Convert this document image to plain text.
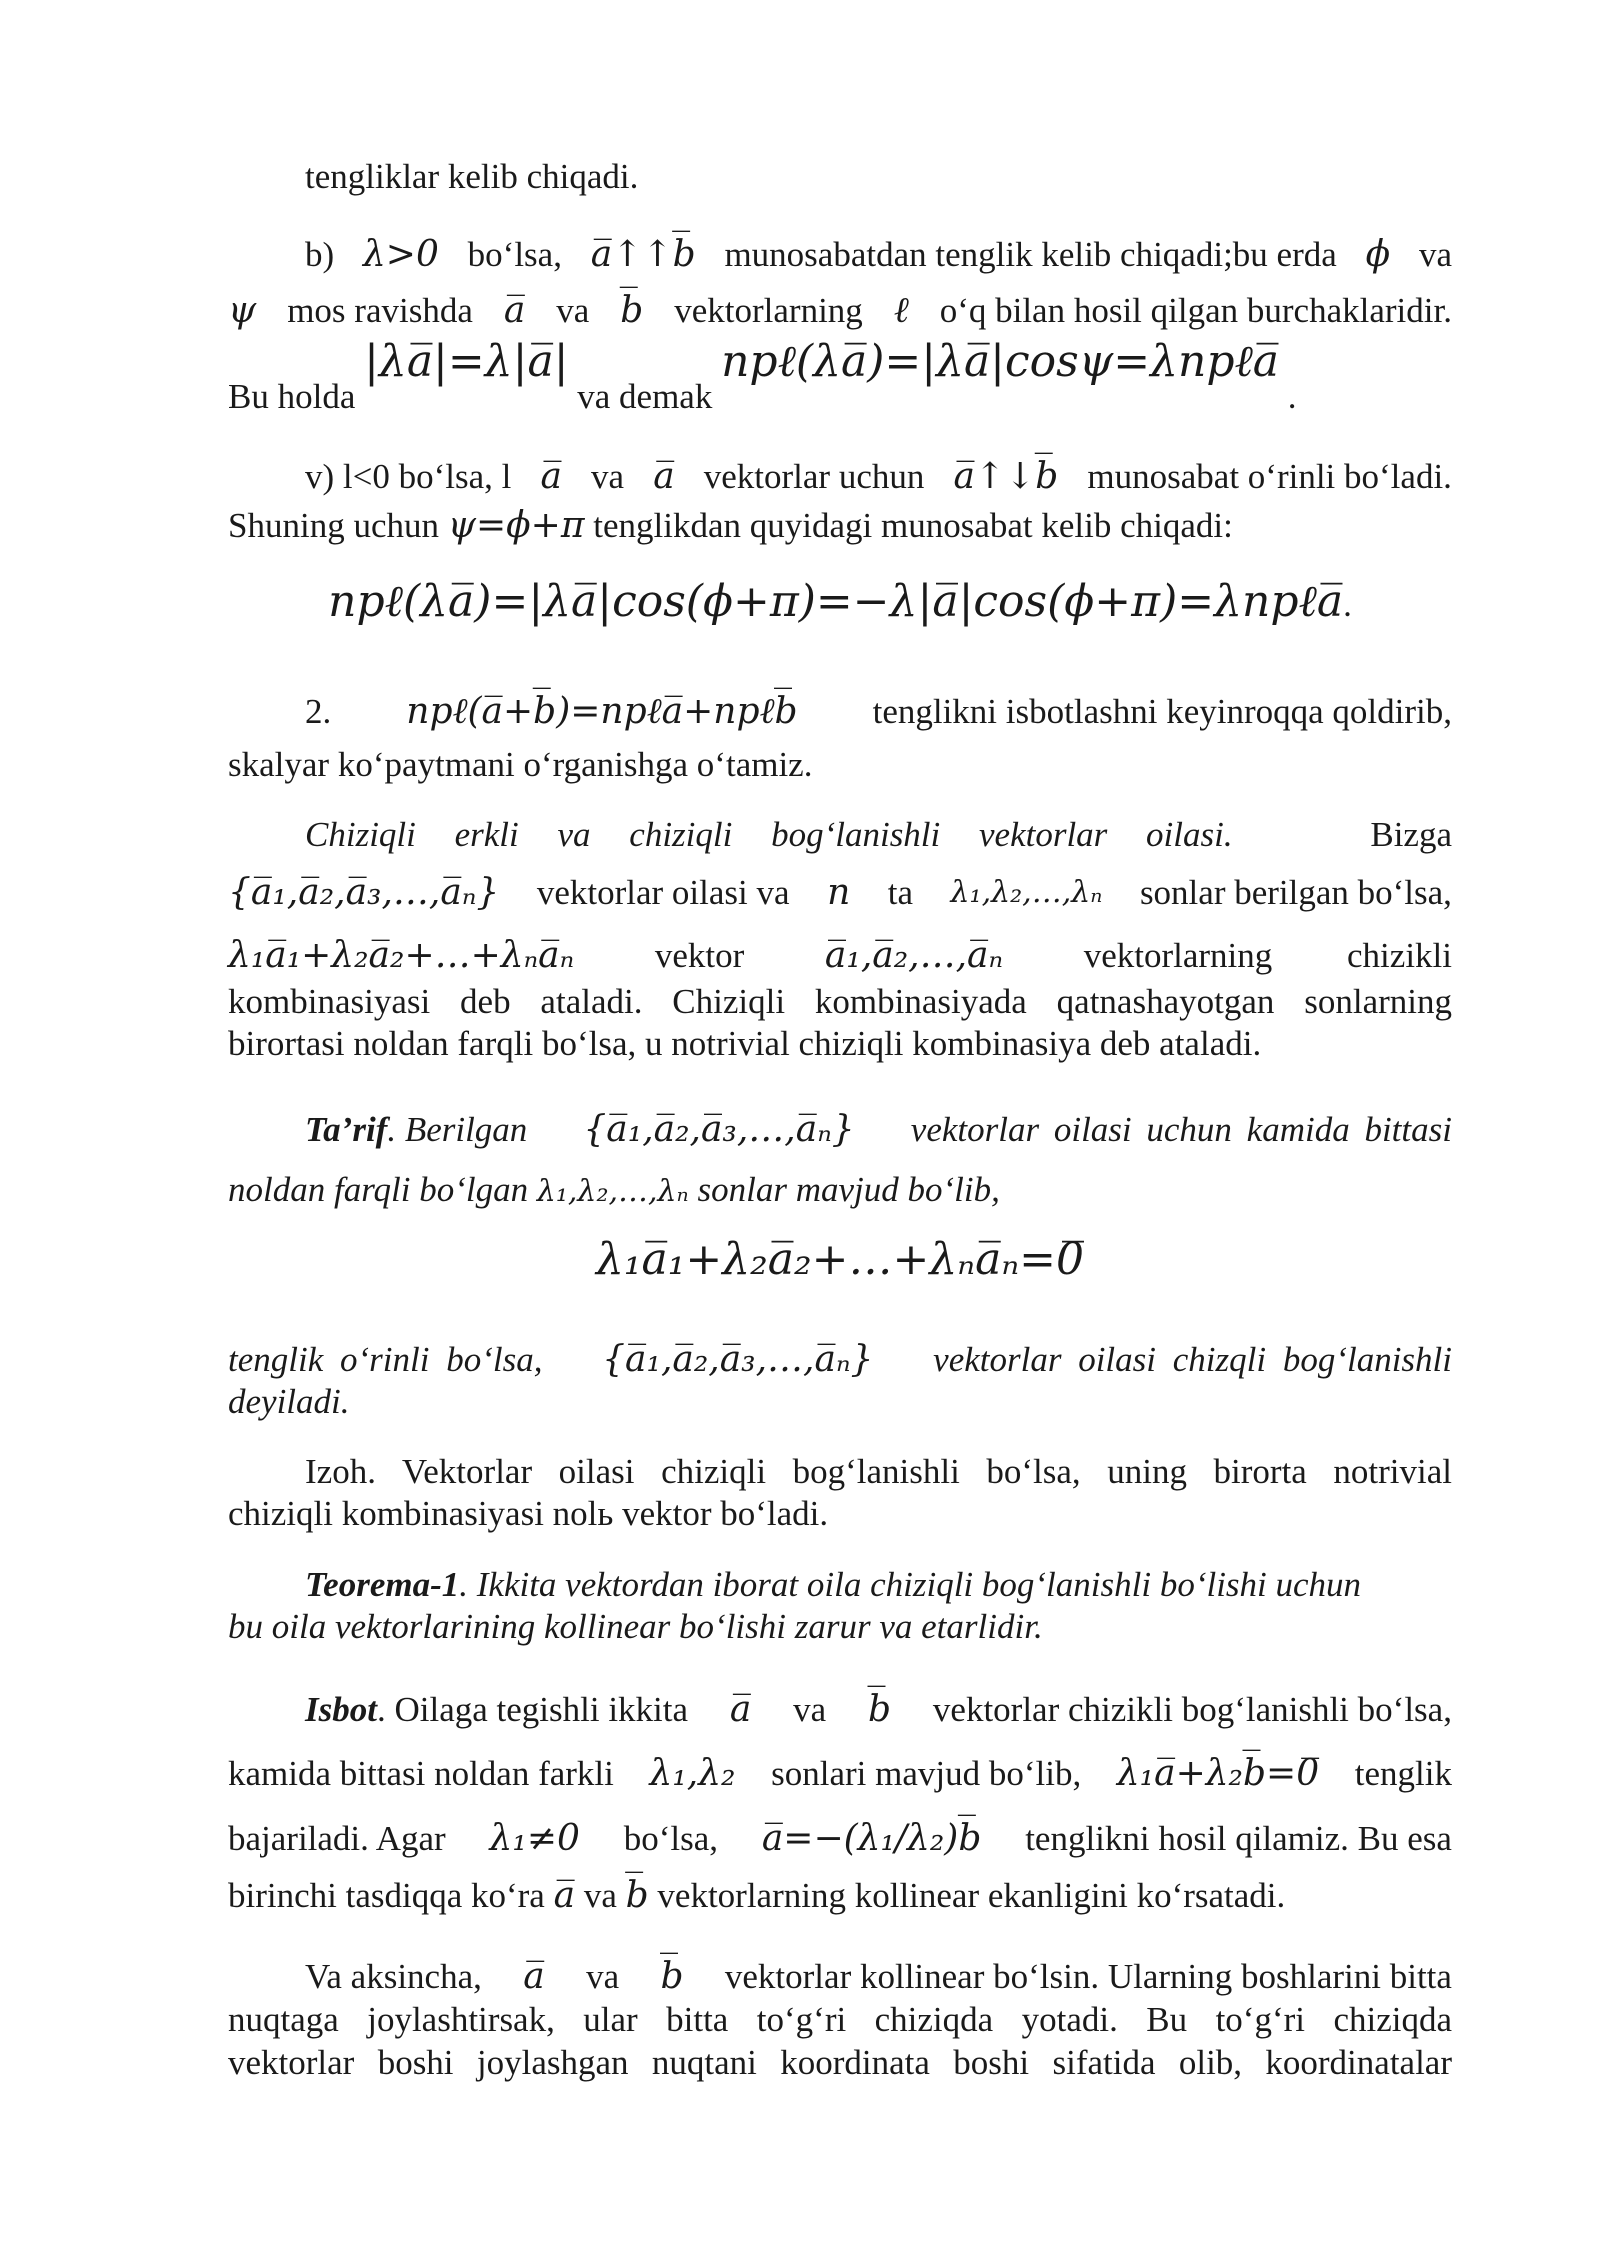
tengliklar kelib chiqadi.
b) λ>0 bo‘lsa, a̅↑↑b̅ munosabatdan tenglik kelib chiqadi;bu erda ϕ va
ψ mos ravishda a̅ va b̅ vektorlarning ℓ o‘q bilan hosil qilgan burchaklaridir.
Bu holda |λa̅|=λ|a̅| va demak npℓ(λa̅)=|λa̅|cosψ=λnpℓa̅ .
v) l<0 bo‘lsa, l a̅ va a̅ vektorlar uchun a̅↑↓b̅ munosabat o‘rinli bo‘ladi.
Shuning uchun ψ=ϕ+π tenglikdan quyidagi munosabat kelib chiqadi:
npℓ(λa̅)=|λa̅|cos(ϕ+π)=−λ|a̅|cos(ϕ+π)=λnpℓa̅.
2. npℓ(a̅+b̅)=npℓa̅+npℓb̅ tenglikni isbotlashni keyinroqqa qoldirib,
skalyar ko‘paytmani o‘rganishga o‘tamiz.
Chiziqli erkli va chiziqli bog‘lanishli vektorlar oilasi.	Bizga
{a̅₁,a̅₂,a̅₃,…,a̅ₙ} vektorlar oilasi va n ta λ₁,λ₂,…,λₙ sonlar berilgan bo‘lsa,
λ₁a̅₁+λ₂a̅₂+…+λₙa̅ₙ vektor a̅₁,a̅₂,…,a̅ₙ vektorlarning chizikli
kombinasiyasi deb ataladi. Chiziqli kombinasiyada qatnashayotgan sonlarning
birortasi noldan farqli bo‘lsa, u notrivial chiziqli kombinasiya deb ataladi.
Ta’rif. Berilgan {a̅₁,a̅₂,a̅₃,…,a̅ₙ} vektorlar oilasi uchun kamida bittasi
noldan farqli bo‘lgan λ₁,λ₂,…,λₙ sonlar mavjud bo‘lib,
λ₁a̅₁+λ₂a̅₂+…+λₙa̅ₙ=0̅
tenglik o‘rinli bo‘lsa, {a̅₁,a̅₂,a̅₃,…,a̅ₙ} vektorlar oilasi chizqli bog‘lanishli
deyiladi.
Izoh. Vektorlar oilasi chiziqli bog‘lanishli bo‘lsa, uning birorta notrivial
chiziqli kombinasiyasi nolь vektor bo‘ladi.
Teorema-1. Ikkita vektordan iborat oila chiziqli bog‘lanishli bo‘lishi uchun
bu oila vektorlarining kollinear bo‘lishi zarur va etarlidir.
Isbot. Oilaga tegishli ikkita a̅ va b̅ vektorlar chizikli bog‘lanishli bo‘lsa,
kamida bittasi noldan farkli λ₁,λ₂ sonlari mavjud bo‘lib, λ₁a̅+λ₂b̅=0̅ tenglik
bajariladi. Agar λ₁≠0 bo‘lsa, a̅=−(λ₁/λ₂)b̅ tenglikni hosil qilamiz. Bu esa
birinchi tasdiqqa ko‘ra a̅ va b̅ vektorlarning kollinear ekanligini ko‘rsatadi.
Va aksincha, a̅ va b̅ vektorlar kollinear bo‘lsin. Ularning boshlarini bitta
nuqtaga joylashtirsak, ular bitta to‘g‘ri chiziqda yotadi. Bu to‘g‘ri chiziqda
vektorlar boshi joylashgan nuqtani koordinata boshi sifatida olib, koordinatalar
